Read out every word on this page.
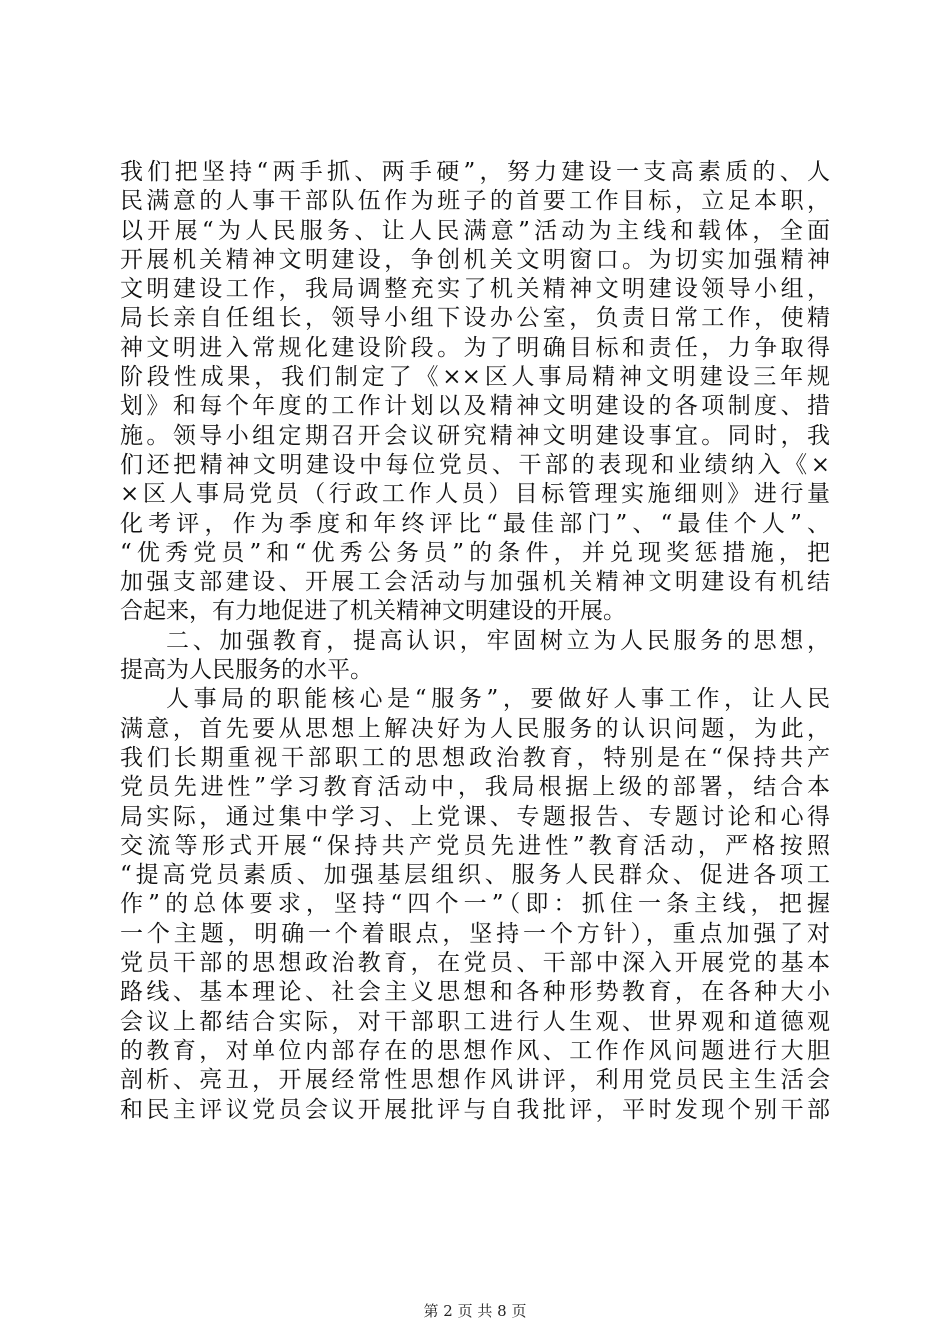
我们把坚持“两手抓、两手硬”，努力建设一支高素质的、人
民满意的人事干部队伍作为班子的首要工作目标，立足本职，
以开展“为人民服务、让人民满意”活动为主线和载体，全面
开展机关精神文明建设，争创机关文明窗口。为切实加强精神
文明建设工作，我局调整充实了机关精神文明建设领导小组，
局长亲自任组长，领导小组下设办公室，负责日常工作，使精
神文明进入常规化建设阶段。为了明确目标和责任，力争取得
阶段性成果，我们制定了《××区人事局精神文明建设三年规
划》和每个年度的工作计划以及精神文明建设的各项制度、措
施。领导小组定期召开会议研究精神文明建设事宜。同时，我
们还把精神文明建设中每位党员、干部的表现和业绩纳入《×
×区人事局党员（行政工作人员）目标管理实施细则》进行量
化考评，作为季度和年终评比“最佳部门”、“最佳个人”、
“优秀党员”和“优秀公务员”的条件，并兑现奖惩措施，把
加强支部建设、开展工会活动与加强机关精神文明建设有机结
合起来，有力地促进了机关精神文明建设的开展。
二、加强教育，提高认识，牢固树立为人民服务的思想，
提高为人民服务的水平。
人事局的职能核心是“服务”，要做好人事工作，让人民
满意，首先要从思想上解决好为人民服务的认识问题，为此，
我们长期重视干部职工的思想政治教育，特别是在“保持共产
党员先进性”学习教育活动中，我局根据上级的部署，结合本
局实际，通过集中学习、上党课、专题报告、专题讨论和心得
交流等形式开展“保持共产党员先进性”教育活动，严格按照
“提高党员素质、加强基层组织、服务人民群众、促进各项工
作”的总体要求，坚持“四个一”（即：抓住一条主线，把握
一个主题，明确一个着眼点，坚持一个方针），重点加强了对
党员干部的思想政治教育，在党员、干部中深入开展党的基本
路线、基本理论、社会主义思想和各种形势教育，在各种大小
会议上都结合实际，对干部职工进行人生观、世界观和道德观
的教育，对单位内部存在的思想作风、工作作风问题进行大胆
剖析、亮丑，开展经常性思想作风讲评，利用党员民主生活会
和民主评议党员会议开展批评与自我批评，平时发现个别干部
第 2 页 共 8 页
